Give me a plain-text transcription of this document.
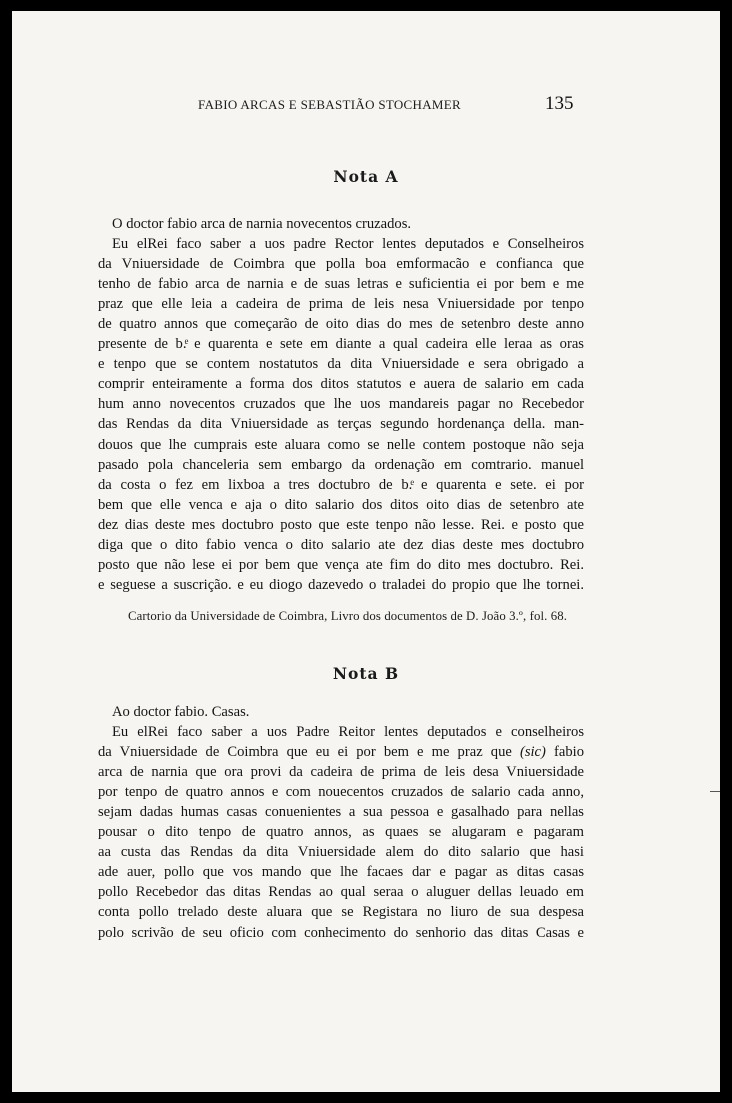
FABIO ARCAS E SEBASTIÃO STOCHAMER	135
Nota A
O doctor fabio arca de narnia novecentos cruzados.
Eu elRei faco saber a uos padre Rector lentes deputados e Conselheiros
da Vniuersidade de Coimbra que polla boa emformacão e confianca que
tenho de fabio arca de narnia e de suas letras e suficientia ei por bem e me
praz que elle leia a cadeira de prima de leis nesa Vniuersidade por tenpo
de quatro annos que começarão de oito dias do mes de setenbro deste anno
presente de b.ͤ e quarenta e sete em diante a qual cadeira elle leraa as oras
e tenpo que se contem nostatutos da dita Vniuersidade e sera obrigado a
comprir enteiramente a forma dos ditos statutos e auera de salario em cada
hum anno novecentos cruzados que lhe uos mandareis pagar no Recebedor
das Rendas da dita Vniuersidade as terças segundo hordenança della. man-
douos que lhe cumprais este aluara como se nelle contem postoque não seja
pasado pola chanceleria sem embargo da ordenação em comtrario. manuel
da costa o fez em lixboa a tres doctubro de b.ͤ e quarenta e sete. ei por
bem que elle venca e aja o dito salario dos ditos oito dias de setenbro ate
dez dias deste mes doctubro posto que este tenpo não lesse. Rei. e posto que
diga que o dito fabio venca o dito salario ate dez dias deste mes doctubro
posto que não lese ei por bem que vença ate fim do dito mes doctubro. Rei.
e seguese a suscrição. e eu diogo dazevedo o traladei do propio que lhe tornei.
Cartorio da Universidade de Coimbra, Livro dos documentos de D. João 3.º, fol. 68.
Nota B
Ao doctor fabio. Casas.
Eu elRei faco saber a uos Padre Reitor lentes deputados e conselheiros
da Vniuersidade de Coimbra que eu ei por bem e me praz que (sic) fabio
arca de narnia que ora provi da cadeira de prima de leis desa Vniuersidade
por tenpo de quatro annos e com nouecentos cruzados de salario cada anno,
sejam dadas humas casas conuenientes a sua pessoa e gasalhado para nellas
pousar o dito tenpo de quatro annos, as quaes se alugaram e pagaram
aa custa das Rendas da dita Vniuersidade alem do dito salario que hasi
ade auer, pollo que vos mando que lhe facaes dar e pagar as ditas casas
pollo Recebedor das ditas Rendas ao qual seraa o aluguer dellas leuado em
conta pollo trelado deste aluara que se Registara no liuro de sua despesa
polo scrivão de seu oficio com conhecimento do senhorio das ditas Casas e
